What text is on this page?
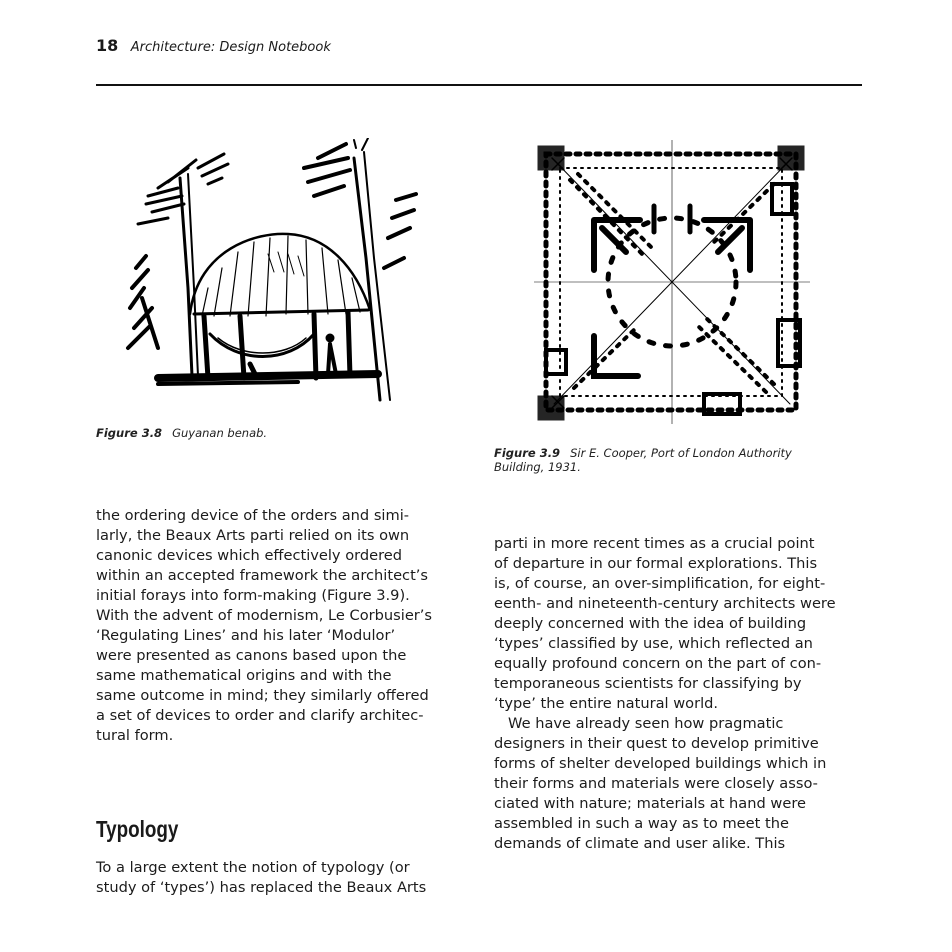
18 Architecture: Design Notebook
Figure 3.8 Guyanan benab.
Figure 3.9 Sir E. Cooper, Port of London Authority
Building, 1931.
the ordering device of the orders and simi-
larly, the Beaux Arts parti relied on its own
canonic devices which effectively ordered
within an accepted framework the architect’s
initial forays into form-making (Figure 3.9).
With the advent of modernism, Le Corbusier’s
‘Regulating Lines’ and his later ‘Modulor’
were presented as canons based upon the
same mathematical origins and with the
same outcome in mind; they similarly offered
a set of devices to order and clarify architec-
tural form.
Typology
To a large extent the notion of typology (or
study of ‘types’) has replaced the Beaux Arts
parti in more recent times as a crucial point
of departure in our formal explorations. This
is, of course, an over-simplification, for eight-
eenth- and nineteenth-century architects were
deeply concerned with the idea of building
‘types’ classified by use, which reflected an
equally profound concern on the part of con-
temporaneous scientists for classifying by
‘type’ the entire natural world.
We have already seen how pragmatic
designers in their quest to develop primitive
forms of shelter developed buildings which in
their forms and materials were closely asso-
ciated with nature; materials at hand were
assembled in such a way as to meet the
demands of climate and user alike. This
